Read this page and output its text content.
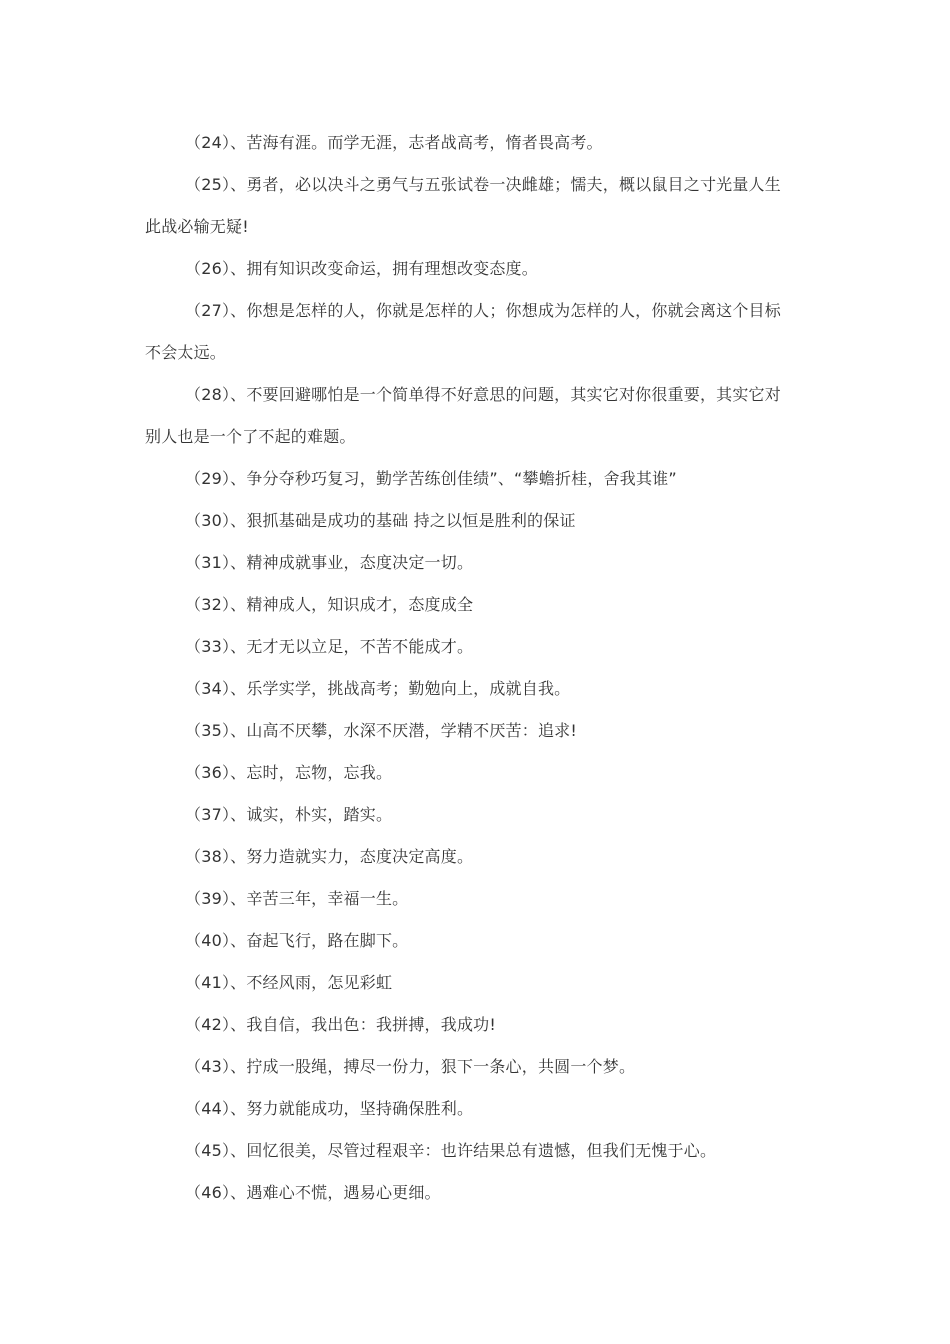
（24）、苦海有涯。而学无涯，志者战高考，惰者畏高考。

（25）、勇者，必以决斗之勇气与五张试卷一决雌雄；懦夫，概以鼠目之寸光量人生
此战必输无疑!

（26）、拥有知识改变命运，拥有理想改变态度。

（27）、你想是怎样的人，你就是怎样的人；你想成为怎样的人，你就会离这个目标
不会太远。

（28）、不要回避哪怕是一个简单得不好意思的问题，其实它对你很重要，其实它对
别人也是一个了不起的难题。

（29）、争分夺秒巧复习，勤学苦练创佳绩”、“攀蟾折桂，舍我其谁”

（30）、狠抓基础是成功的基础 持之以恒是胜利的保证

（31）、精神成就事业，态度决定一切。

（32）、精神成人，知识成才，态度成全

（33）、无才无以立足，不苦不能成才。

（34）、乐学实学，挑战高考；勤勉向上，成就自我。

（35）、山高不厌攀，水深不厌潜，学精不厌苦：追求!

（36）、忘时，忘物，忘我。

（37）、诚实，朴实，踏实。

（38）、努力造就实力，态度决定高度。

（39）、辛苦三年，幸福一生。

（40）、奋起飞行，路在脚下。

（41）、不经风雨，怎见彩虹

（42）、我自信，我出色：我拼搏，我成功!

（43）、拧成一股绳，搏尽一份力，狠下一条心，共圆一个梦。

（44）、努力就能成功，坚持确保胜利。

（45）、回忆很美，尽管过程艰辛：也许结果总有遗憾，但我们无愧于心。

（46）、遇难心不慌，遇易心更细。
